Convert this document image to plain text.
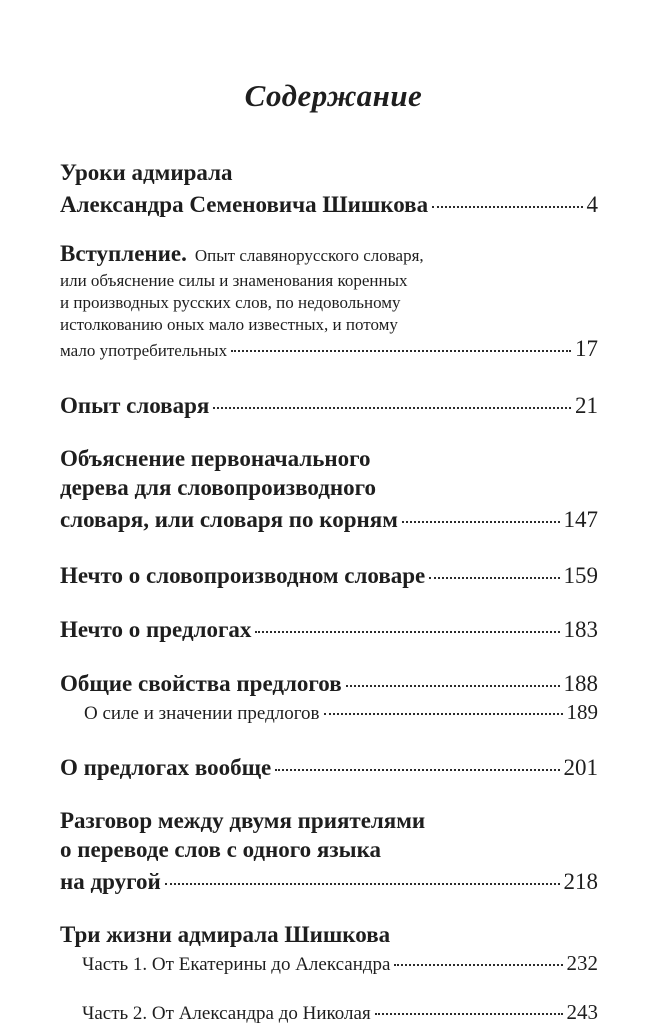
Содержание
Уроки адмирала
Александра Семеновича Шишкова	4
Вступление. Опыт славянорусского словаря,
или объяснение силы и знаменования коренных
и производных русских слов, по недовольному
истолкованию оных мало известных, и потому
мало употребительных	17
Опыт словаря	21
Объяснение первоначального
дерева для словопроизводного
словаря, или словаря по корням	147
Нечто о словопроизводном словаре	159
Нечто о предлогах	183
Общие свойства предлогов	188
О силе и значении предлогов	189
О предлогах вообще	201
Разговор между двумя приятелями
о переводе слов с одного языка
на другой	218
Три жизни адмирала Шишкова
Часть 1. От Екатерины до Александра	232
Часть 2. От Александра до Николая	243
